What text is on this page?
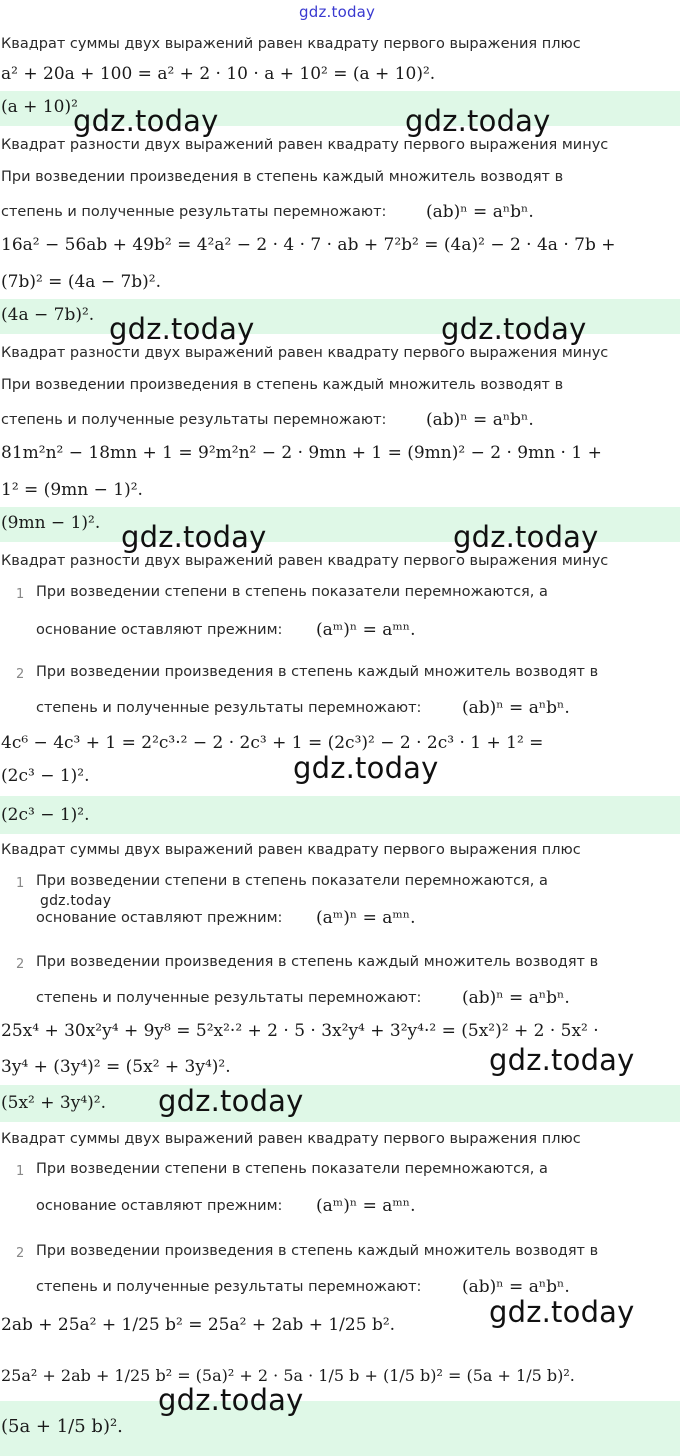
gdz.today
Квадрат суммы двух выражений равен квадрату первого выражения плюс
a² + 20a + 100 = a² + 2 · 10 · a + 10² = (a + 10)².
(a + 10)²
gdz.today	gdz.today
Квадрат разности двух выражений равен квадрату первого выражения минус
При возведении произведения в степень каждый множитель возводят в
степень и полученные результаты перемножают: (ab)ⁿ = aⁿbⁿ.
16a² − 56ab + 49b² = 4²a² − 2 · 4 · 7 · ab + 7²b² = (4a)² − 2 · 4a · 7b +
(7b)² = (4a − 7b)².
(4a − 7b)². gdz.today	gdz.today
Квадрат разности двух выражений равен квадрату первого выражения минус
При возведении произведения в степень каждый множитель возводят в
степень и полученные результаты перемножают: (ab)ⁿ = aⁿbⁿ.
81m²n² − 18mn + 1 = 9²m²n² − 2 · 9mn + 1 = (9mn)² − 2 · 9mn · 1 +
1² = (9mn − 1)².
(9mn − 1)². gdz.today	gdz.today
Квадрат разности двух выражений равен квадрату первого выражения минус
1 При возведении степени в степень показатели перемножаются, а
основание оставляют прежним: (aᵐ)ⁿ = aᵐⁿ.
2 При возведении произведения в степень каждый множитель возводят в
степень и полученные результаты перемножают: (ab)ⁿ = aⁿbⁿ.
4c⁶ − 4c³ + 1 = 2²c³·² − 2 · 2c³ + 1 = (2c³)² − 2 · 2c³ · 1 + 1² =
(2c³ − 1)².	gdz.today
(2c³ − 1)².
Квадрат суммы двух выражений равен квадрату первого выражения плюс
1 При возведении степени в степень показатели перемножаются, а
gdz.today
основание оставляют прежним: (aᵐ)ⁿ = aᵐⁿ.
2 При возведении произведения в степень каждый множитель возводят в
степень и полученные результаты перемножают: (ab)ⁿ = aⁿbⁿ.
25x⁴ + 30x²y⁴ + 9y⁸ = 5²x²·² + 2 · 5 · 3x²y⁴ + 3²y⁴·² = (5x²)² + 2 · 5x² ·
3y⁴ + (3y⁴)² = (5x² + 3y⁴)².	gdz.today
(5x² + 3y⁴)². gdz.today
Квадрат суммы двух выражений равен квадрату первого выражения плюс
1 При возведении степени в степень показатели перемножаются, а
основание оставляют прежним: (aᵐ)ⁿ = aᵐⁿ.
2 При возведении произведения в степень каждый множитель возводят в
степень и полученные результаты перемножают: (ab)ⁿ = aⁿbⁿ.
2ab + 25a² + 1/25 b² = 25a² + 2ab + 1/25 b².	gdz.today
25a² + 2ab + 1/25 b² = (5a)² + 2 · 5a · 1/5 b + (1/5 b)² = (5a + 1/5 b)².
gdz.today
(5a + 1/5 b)².
